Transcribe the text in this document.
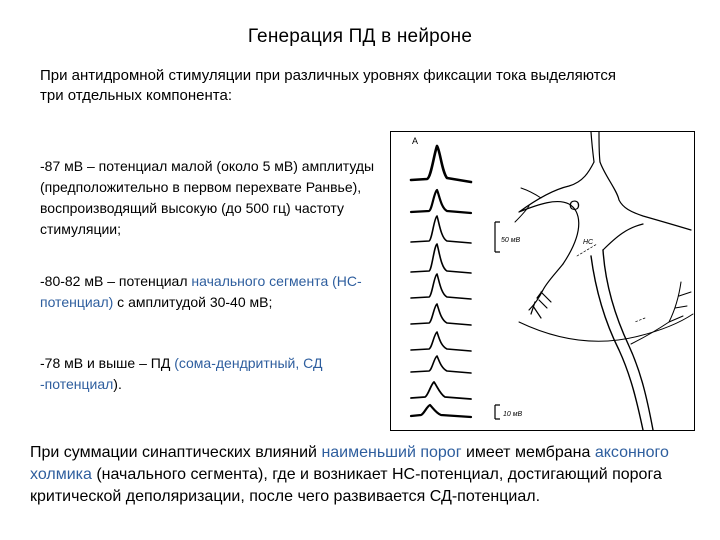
Генерация ПД в нейроне
При антидромной стимуляции при различных уровнях фиксации тока выделяются три отдельных компонента:
-87 мВ – потенциал малой (около 5 мВ) амплитуды (предположительно в первом перехвате Ранвье), воспроизводящий высокую (до 500 гц) частоту стимуляции;
-80-82 мВ – потенциал начального сегмента (НС-потенциал) с амплитудой 30-40 мВ;
-78 мВ и выше – ПД (сома-дендритный, СД -потенциал).
А
50 мВ
10 мВ
О
НС
При суммации синаптических влияний наименьший порог имеет мембрана аксонного холмика (начального сегмента), где и возникает НС-потенциал, достигающий порога критической деполяризации, после чего развивается СД-потенциал.
